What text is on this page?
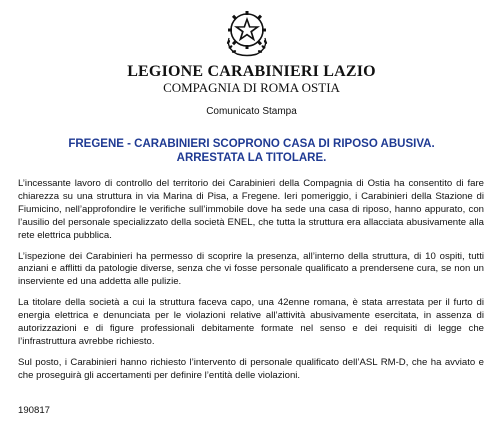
LEGIONE CARABINIERI LAZIO
COMPAGNIA DI ROMA OSTIA
Comunicato Stampa
FREGENE - CARABINIERI SCOPRONO CASA DI RIPOSO ABUSIVA.
ARRESTATA LA TITOLARE.

L’incessante lavoro di controllo del territorio dei Carabinieri della Compagnia di Ostia ha consentito di fare chiarezza su una struttura in via Marina di Pisa, a Fregene. Ieri pomeriggio, i Carabinieri della Stazione di Fiumicino, nell’approfondire le verifiche sull’immobile dove ha sede una casa di riposo, hanno appurato, con l’ausilio del personale specializzato della società ENEL, che tutta la struttura era allacciata abusivamente alla rete elettrica pubblica.

L’ispezione dei Carabinieri ha permesso di scoprire la presenza, all’interno della struttura, di 10 ospiti, tutti anziani e afflitti da patologie diverse, senza che vi fosse personale qualificato a prendersene cura, se non un inserviente ed una addetta alle pulizie.

La titolare della società a cui la struttura faceva capo, una 42enne romana, è stata arrestata per il furto di energia elettrica e denunciata per le violazioni relative all’attività abusivamente esercitata, in assenza di autorizzazioni e di figure professionali debitamente formate nel senso e dei requisiti di legge che l’infrastruttura avrebbe richiesto.

Sul posto, i Carabinieri hanno richiesto l’intervento di personale qualificato dell’ASL RM-D, che ha avviato e che proseguirà gli accertamenti per definire l’entità delle violazioni.

190817
